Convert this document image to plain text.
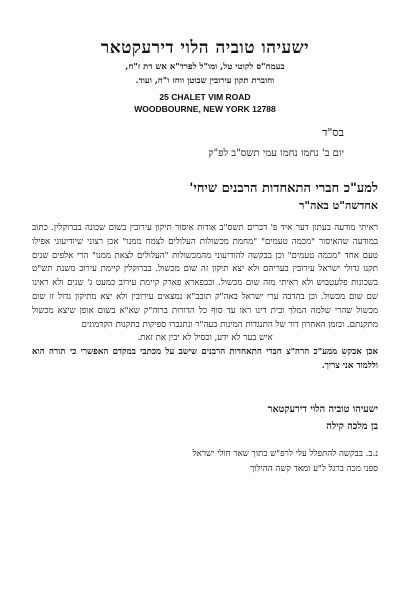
ישעיהו טוביה הלוי דירעקטאר
בעמח"ס לקוטי טל, ומו"ל לפרד"א אש דת ז"ח,
וחוברת תקון עירובין שבוטן ווחז ו"ח, ועוד.
25 CHALET VIM ROAD
WOODBOURNE, NEW YORK 12788
בס"ד
יום ב' נחמו נחמו עמי תשס"ב לפ"ק
למע"כ חברי התאחדות הרבנים שיחי'
אחדשה"ט באה"ר

ראיתי מודעה בעתון דער איד פ' דברים תשס"ב אודות איסור תיקון עירובין בשום שכונה בברוקלין. כתוב במודעה שהאיסור "מכמה טעמים" "מחמת מכשולות העלולים לצמח ממנו" אכן רצוני שיודיעוני אפילו טעם אחד "מכמה טעמים" וכן בבקשה להודיעוני מהמכשולות "העלולים לצאת ממנו" הרי אלפים שנים תקנו גדולי ישראל עירובין בעריהם ולא יצא תיקון זה שום מכשול. בברוקלין קיימת עירוב משנת תש"ט בשכונות פלעטבוש ולא ראיתי מזה שום מכשול. וכבפארא פארק קיימת עירוב כמעט ג' שנים ולא ראינו שם שום מכשול. וכן בהדבה ערי ישראל באה"ק תובב"א נמצאים עירובין ולא יצא מתיקון גדול זו שום מכשול שהרי שלמה המלך ובית דינו ראו עד סוף כל הדורות ברוה"ק שא"א בשום אופן שיצא מכשול מתקנתם. ובזמן האחרון דור של התנגדות המינות בעה"ר ונתגברו ספיקות בתקנות הקדמונים

איש בער לא ידע, וכסיל לא יבין את זאת.

אכן אבקש ממע"כ הרה"צ חברי התאחדות הרבנים שישב על מכתבי במקדם האפשרי כי תורה הוא וללמוד אני צריך.

ישעיהו טוביה הלוי דירעקטאר
בן מלכה קילה
נ.ב. בבקשה להתפלל עלי לרפ"ש בתוך שאר חולי ישראל
ספני מכה ברגל ל"ע ומאד קשה ההילוך
